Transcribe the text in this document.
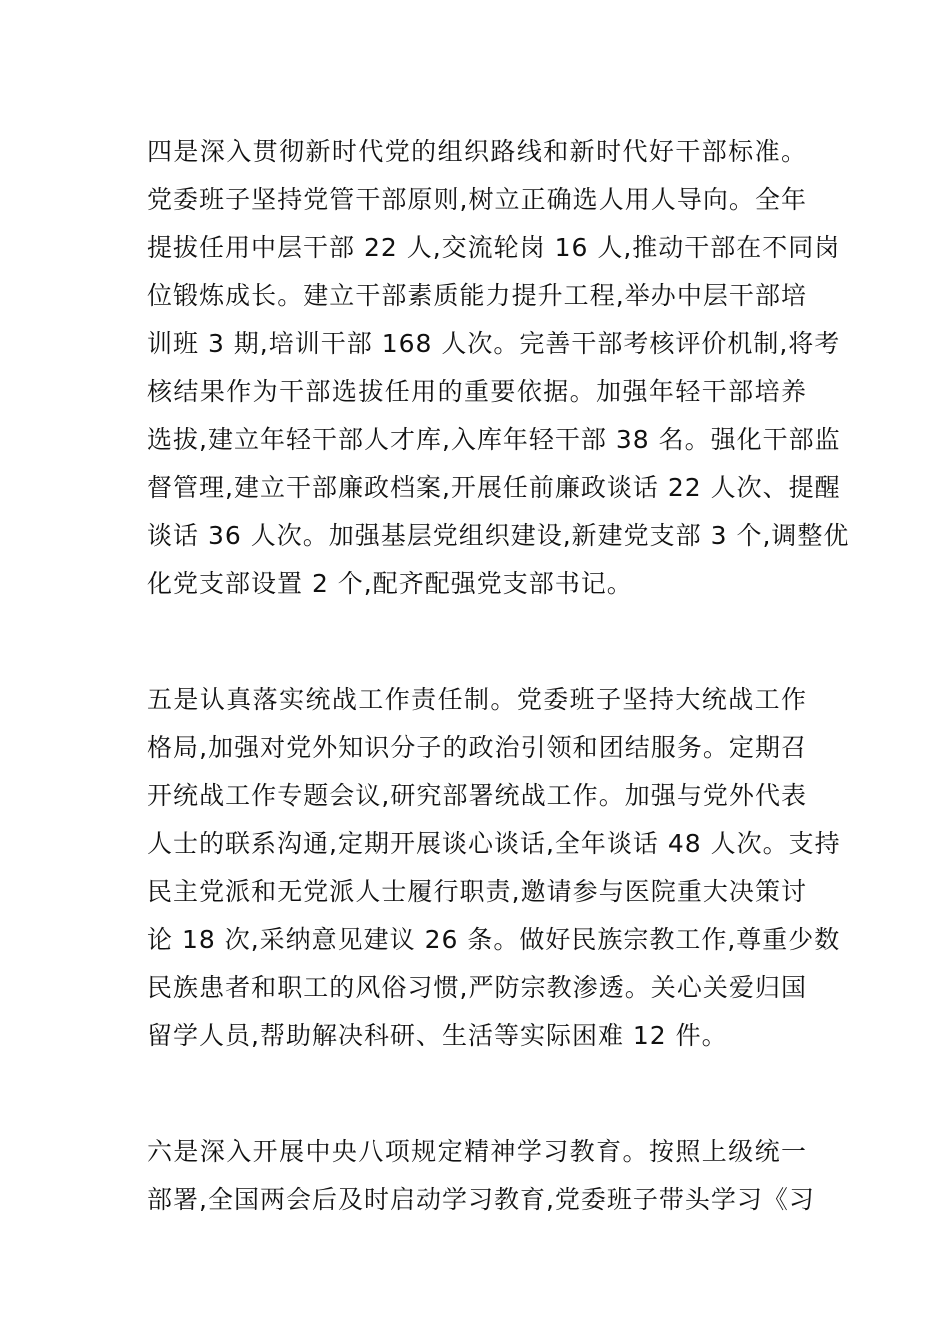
四是深入贯彻新时代党的组织路线和新时代好干部标准。
党委班子坚持党管干部原则,树立正确选人用人导向。全年
提拔任用中层干部 22 人,交流轮岗 16 人,推动干部在不同岗
位锻炼成长。建立干部素质能力提升工程,举办中层干部培
训班 3 期,培训干部 168 人次。完善干部考核评价机制,将考
核结果作为干部选拔任用的重要依据。加强年轻干部培养
选拔,建立年轻干部人才库,入库年轻干部 38 名。强化干部监
督管理,建立干部廉政档案,开展任前廉政谈话 22 人次、提醒
谈话 36 人次。加强基层党组织建设,新建党支部 3 个,调整优
化党支部设置 2 个,配齐配强党支部书记。
五是认真落实统战工作责任制。党委班子坚持大统战工作
格局,加强对党外知识分子的政治引领和团结服务。定期召
开统战工作专题会议,研究部署统战工作。加强与党外代表
人士的联系沟通,定期开展谈心谈话,全年谈话 48 人次。支持
民主党派和无党派人士履行职责,邀请参与医院重大决策讨
论 18 次,采纳意见建议 26 条。做好民族宗教工作,尊重少数
民族患者和职工的风俗习惯,严防宗教渗透。关心关爱归国
留学人员,帮助解决科研、生活等实际困难 12 件。
六是深入开展中央八项规定精神学习教育。按照上级统一
部署,全国两会后及时启动学习教育,党委班子带头学习《习
